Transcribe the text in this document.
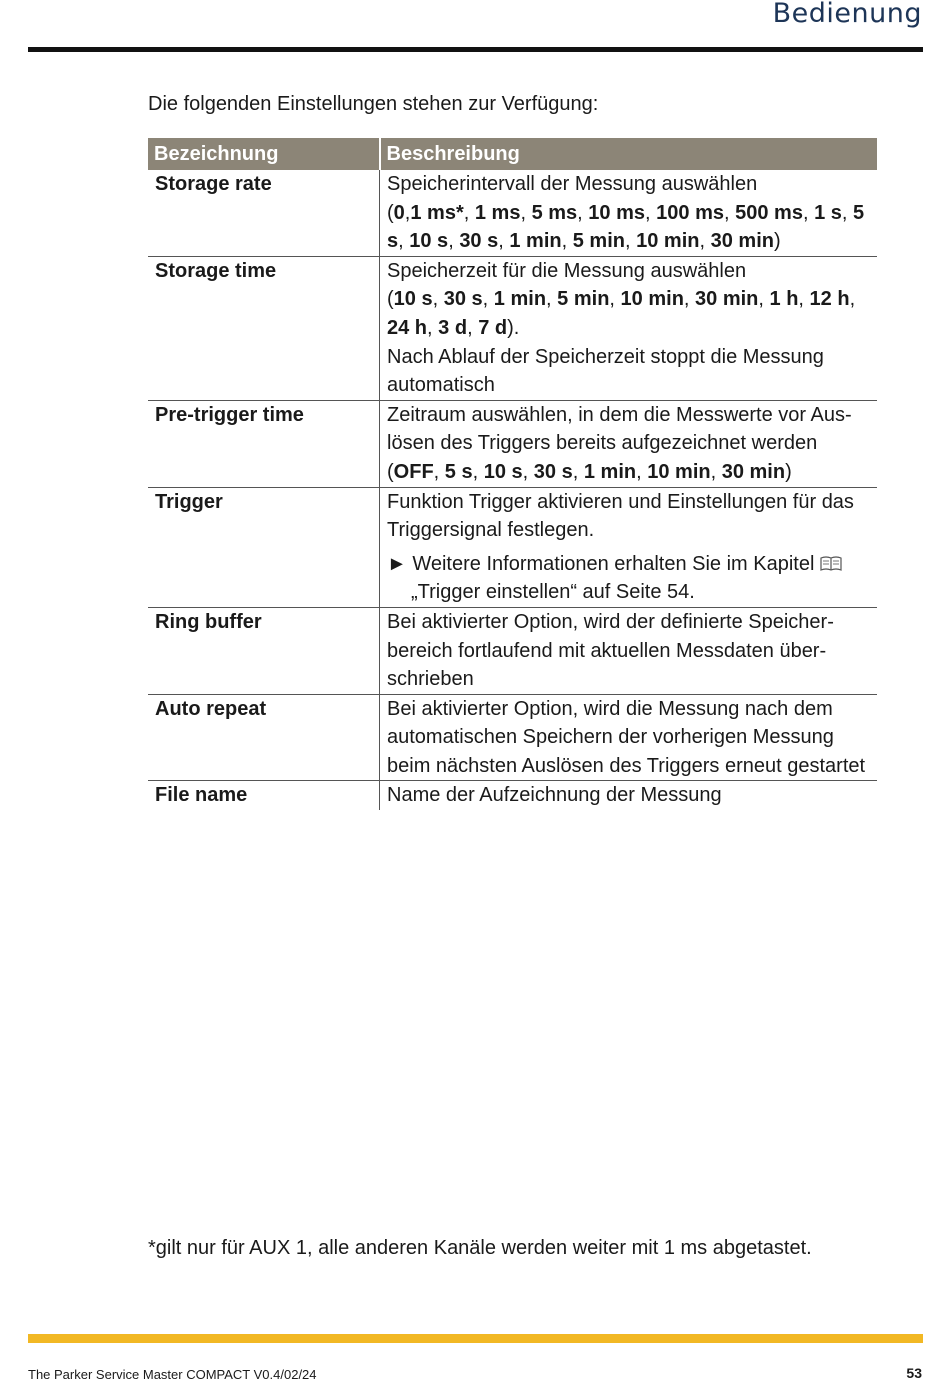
Bedienung
Die folgenden Einstellungen stehen zur Verfügung:
Bezeichnung	Beschreibung
Storage rate	Speicherintervall der Messung auswählen
(0,1 ms*, 1 ms, 5 ms, 10 ms, 100 ms, 500 ms, 1 s, 5 s, 10 s, 30 s, 1 min, 5 min, 10 min, 30 min)
Storage time	Speicherzeit für die Messung auswählen
(10 s, 30 s, 1 min, 5 min, 10 min, 30 min, 1 h, 12 h, 24 h, 3 d, 7 d).
Nach Ablauf der Speicherzeit stoppt die Messung automatisch
Pre-trigger time	Zeitraum auswählen, in dem die Messwerte vor Auslösen des Triggers bereits aufgezeichnet werden
(OFF, 5 s, 10 s, 30 s, 1 min, 10 min, 30 min)
Trigger	Funktion Trigger aktivieren und Einstellungen für das Triggersignal festlegen.
► Weitere Informationen erhalten Sie im Kapitel
„Trigger einstellen“ auf Seite 54.

Ring buffer	Bei aktivierter Option, wird der definierte Speicherbereich fortlaufend mit aktuellen Messdaten überschrieben
Auto repeat	Bei aktivierter Option, wird die Messung nach dem automatischen Speichern der vorherigen Messung beim nächsten Auslösen des Triggers erneut gestartet
File name	Name der Aufzeichnung der Messung
*gilt nur für AUX 1, alle anderen Kanäle werden weiter mit 1 ms abgetastet.
The Parker Service Master COMPACT V0.4/02/24	53
